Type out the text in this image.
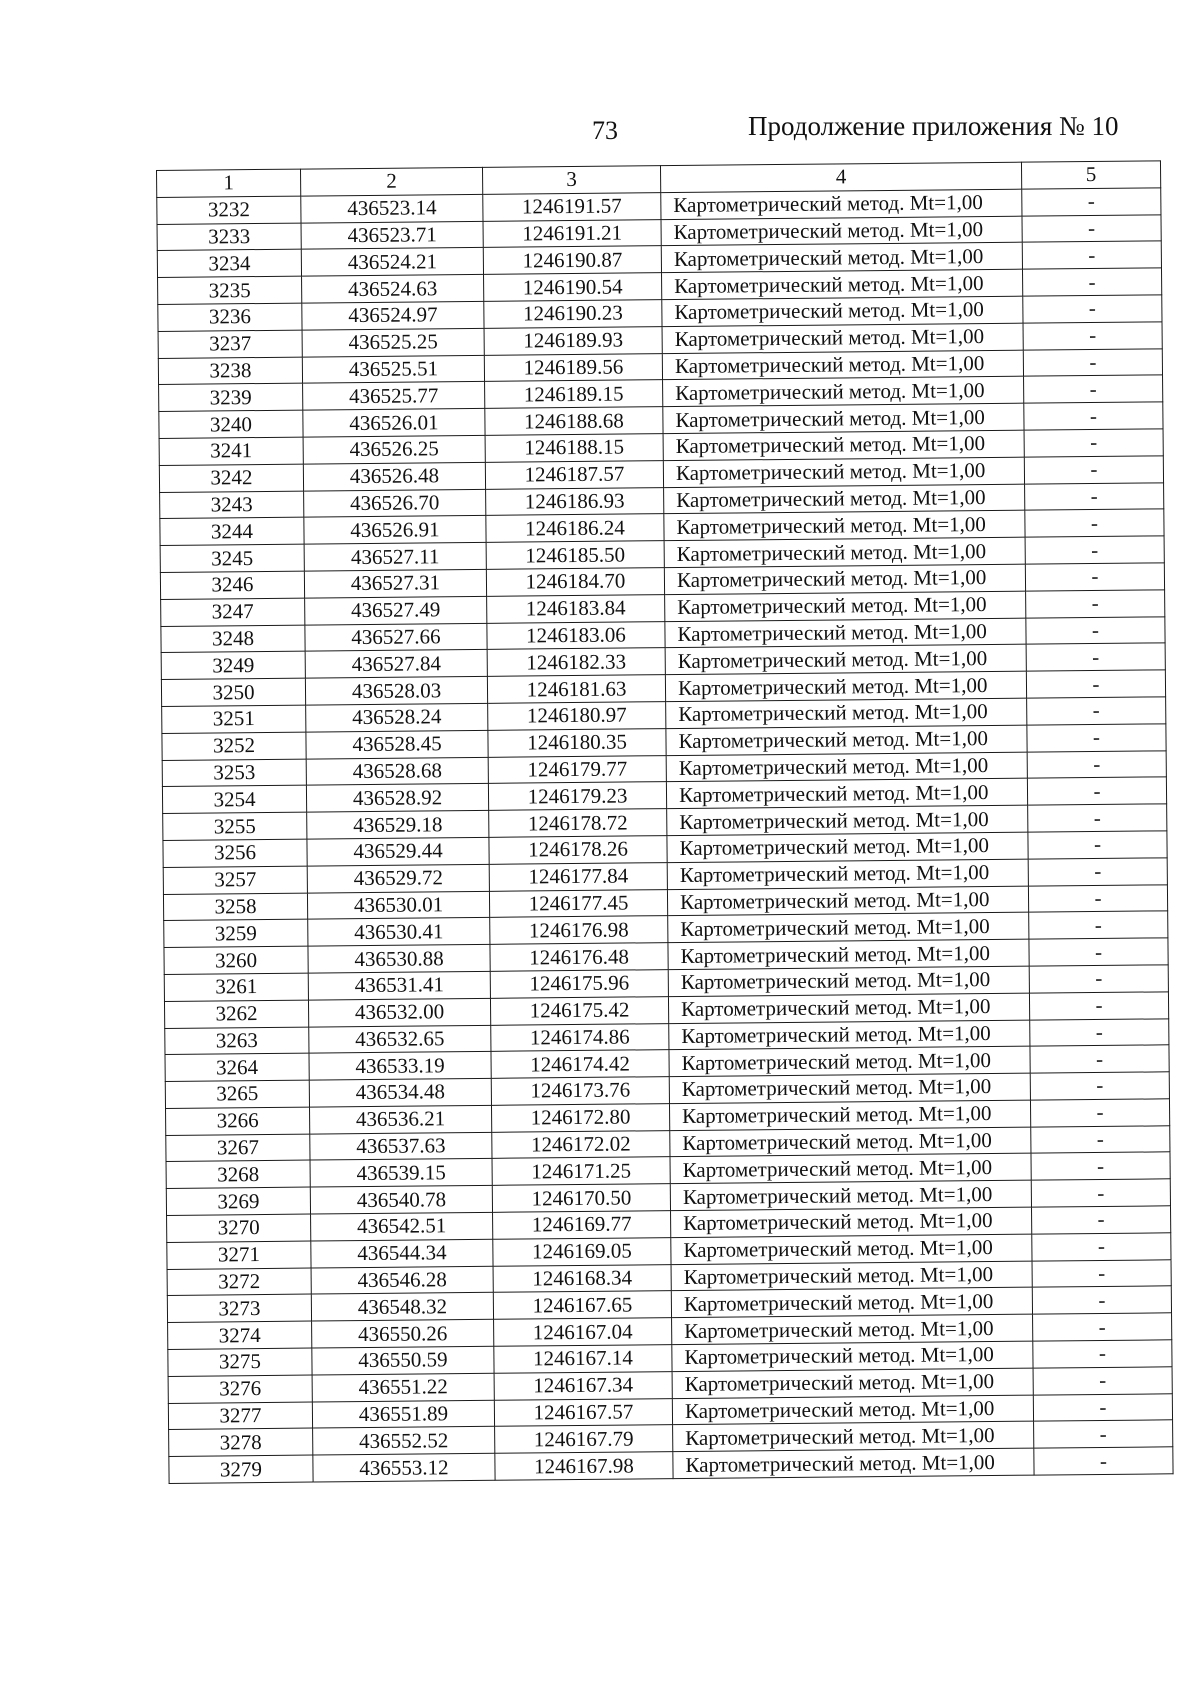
73	Продолжение приложения № 10
1	2	3	4	5
3232	436523.14	1246191.57	Картометрический метод. Mt=1,00	-
3233	436523.71	1246191.21	Картометрический метод. Mt=1,00	-
3234	436524.21	1246190.87	Картометрический метод. Mt=1,00	-
3235	436524.63	1246190.54	Картометрический метод. Mt=1,00	-
3236	436524.97	1246190.23	Картометрический метод. Mt=1,00	-
3237	436525.25	1246189.93	Картометрический метод. Mt=1,00	-
3238	436525.51	1246189.56	Картометрический метод. Mt=1,00	-
3239	436525.77	1246189.15	Картометрический метод. Mt=1,00	-
3240	436526.01	1246188.68	Картометрический метод. Mt=1,00	-
3241	436526.25	1246188.15	Картометрический метод. Mt=1,00	-
3242	436526.48	1246187.57	Картометрический метод. Mt=1,00	-
3243	436526.70	1246186.93	Картометрический метод. Mt=1,00	-
3244	436526.91	1246186.24	Картометрический метод. Mt=1,00	-
3245	436527.11	1246185.50	Картометрический метод. Mt=1,00	-
3246	436527.31	1246184.70	Картометрический метод. Mt=1,00	-
3247	436527.49	1246183.84	Картометрический метод. Mt=1,00	-
3248	436527.66	1246183.06	Картометрический метод. Mt=1,00	-
3249	436527.84	1246182.33	Картометрический метод. Mt=1,00	-
3250	436528.03	1246181.63	Картометрический метод. Mt=1,00	-
3251	436528.24	1246180.97	Картометрический метод. Mt=1,00	-
3252	436528.45	1246180.35	Картометрический метод. Mt=1,00	-
3253	436528.68	1246179.77	Картометрический метод. Mt=1,00	-
3254	436528.92	1246179.23	Картометрический метод. Mt=1,00	-
3255	436529.18	1246178.72	Картометрический метод. Mt=1,00	-
3256	436529.44	1246178.26	Картометрический метод. Mt=1,00	-
3257	436529.72	1246177.84	Картометрический метод. Mt=1,00	-
3258	436530.01	1246177.45	Картометрический метод. Mt=1,00	-
3259	436530.41	1246176.98	Картометрический метод. Mt=1,00	-
3260	436530.88	1246176.48	Картометрический метод. Mt=1,00	-
3261	436531.41	1246175.96	Картометрический метод. Mt=1,00	-
3262	436532.00	1246175.42	Картометрический метод. Mt=1,00	-
3263	436532.65	1246174.86	Картометрический метод. Mt=1,00	-
3264	436533.19	1246174.42	Картометрический метод. Mt=1,00	-
3265	436534.48	1246173.76	Картометрический метод. Mt=1,00	-
3266	436536.21	1246172.80	Картометрический метод. Mt=1,00	-
3267	436537.63	1246172.02	Картометрический метод. Mt=1,00	-
3268	436539.15	1246171.25	Картометрический метод. Mt=1,00	-
3269	436540.78	1246170.50	Картометрический метод. Mt=1,00	-
3270	436542.51	1246169.77	Картометрический метод. Mt=1,00	-
3271	436544.34	1246169.05	Картометрический метод. Mt=1,00	-
3272	436546.28	1246168.34	Картометрический метод. Mt=1,00	-
3273	436548.32	1246167.65	Картометрический метод. Mt=1,00	-
3274	436550.26	1246167.04	Картометрический метод. Mt=1,00	-
3275	436550.59	1246167.14	Картометрический метод. Mt=1,00	-
3276	436551.22	1246167.34	Картометрический метод. Mt=1,00	-
3277	436551.89	1246167.57	Картометрический метод. Mt=1,00	-
3278	436552.52	1246167.79	Картометрический метод. Mt=1,00	-
3279	436553.12	1246167.98	Картометрический метод. Mt=1,00	-
